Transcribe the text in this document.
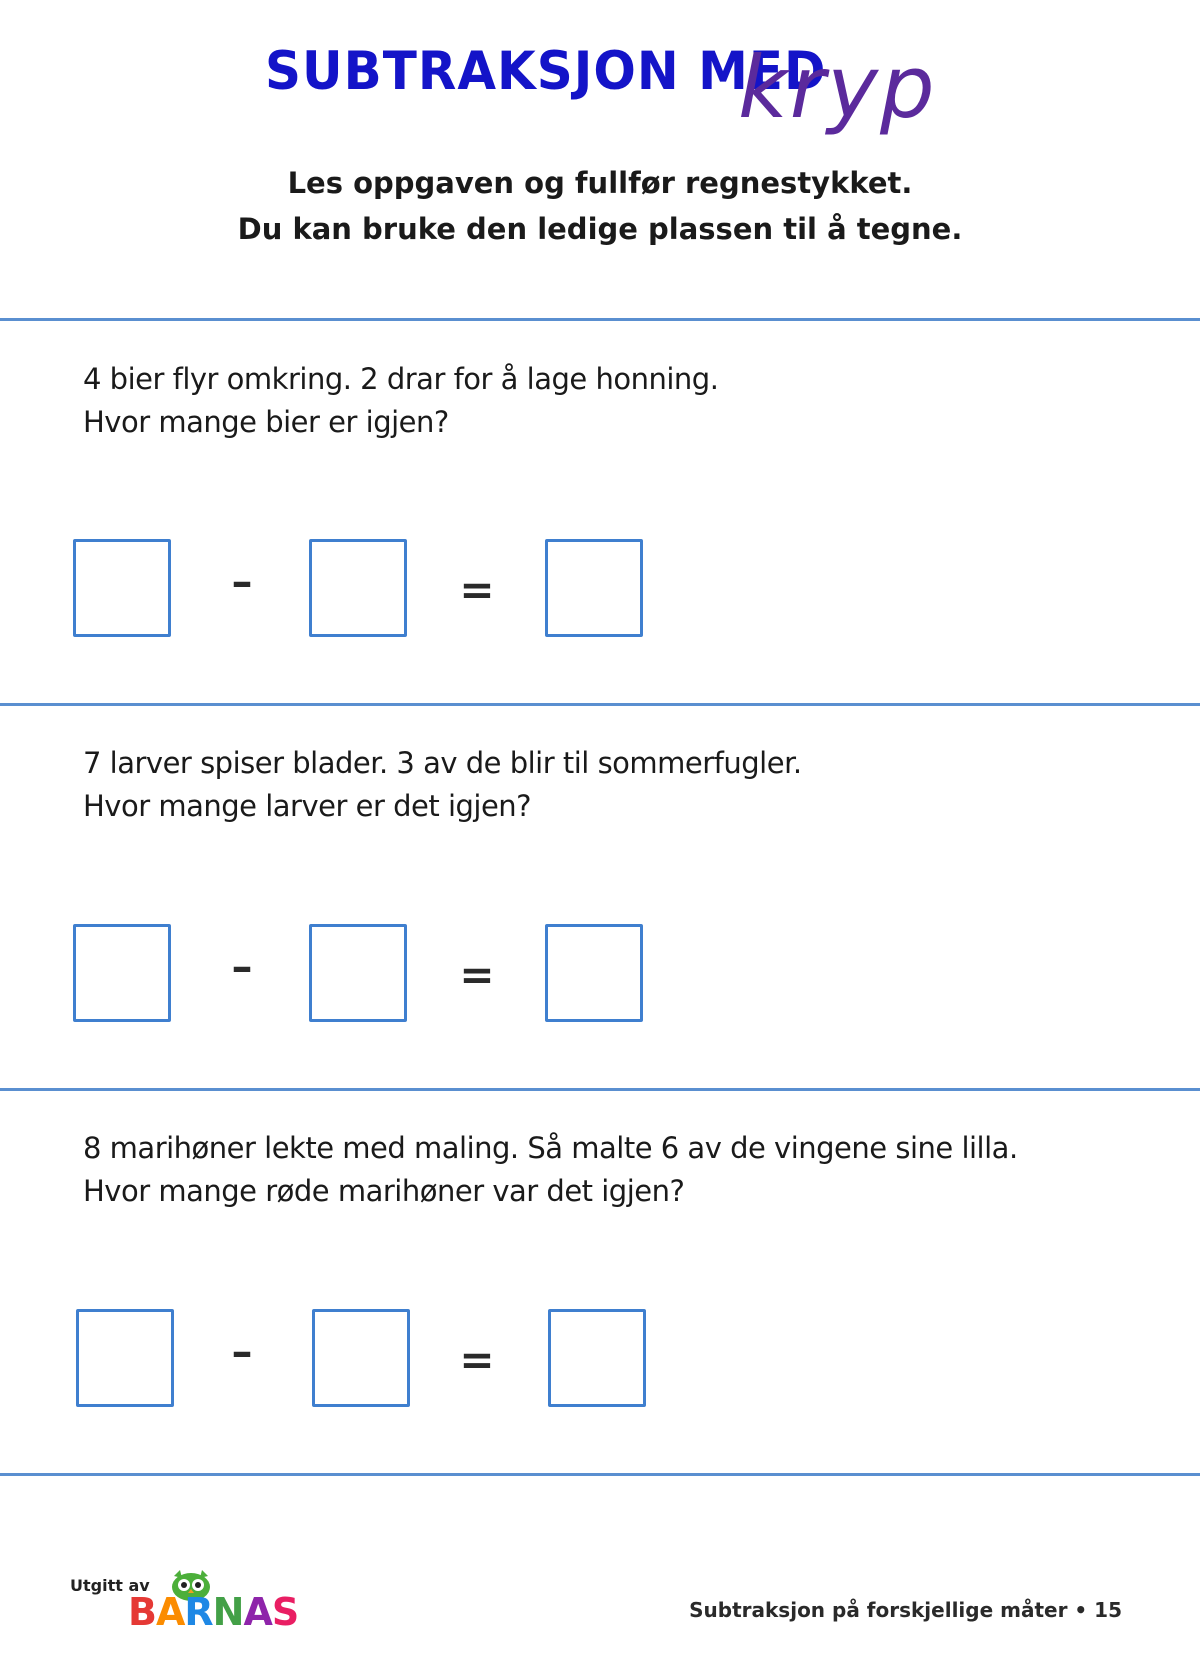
SUBTRAKSJON MED
kryp
Les oppgaven og fullfør regnestykket.
Du kan bruke den ledige plassen til å tegne.
4 bier flyr omkring. 2 drar for å lage honning.
Hvor mange bier er igjen?
–	=
7 larver spiser blader. 3 av de blir til sommerfugler.
Hvor mange larver er det igjen?
–	=
8 marihøner lekte med maling. Så malte 6 av de vingene sine lilla.
Hvor mange røde marihøner var det igjen?
–	=
Utgitt av
BARNAS	Subtraksjon på forskjellige måter • 15
